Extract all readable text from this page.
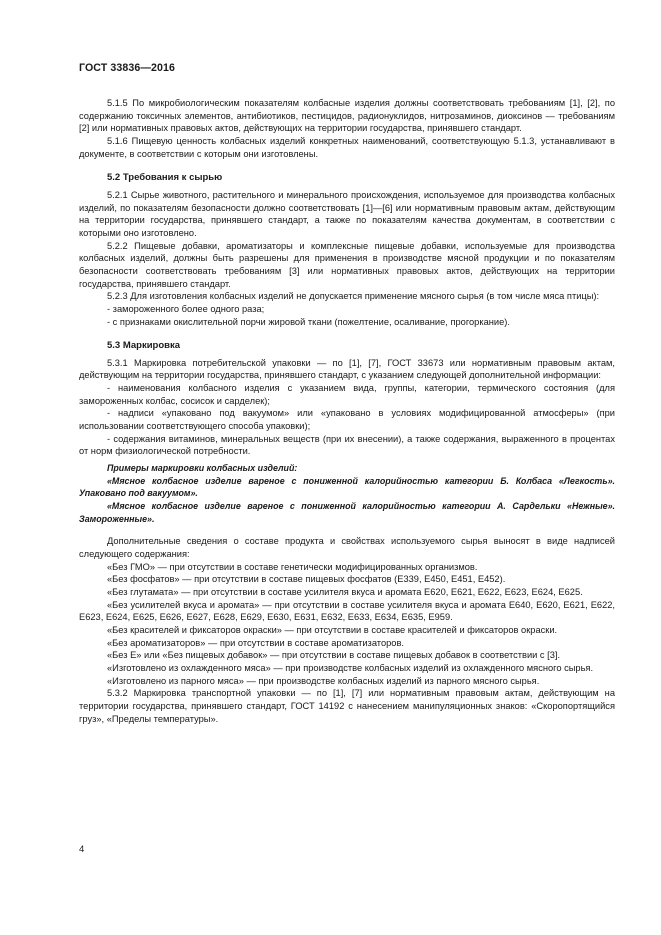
ГОСТ 33836—2016

5.1.5 По микробиологическим показателям колбасные изделия должны соответствовать требованиям [1], [2], по содержанию токсичных элементов, антибиотиков, пестицидов, радионуклидов, нитрозаминов, диоксинов — требованиям [2] или нормативных правовых актов, действующих на территории государства, принявшего стандарт.

5.1.6 Пищевую ценность колбасных изделий конкретных наименований, соответствующую 5.1.3, устанавливают в документе, в соответствии с которым они изготовлены.

5.2 Требования к сырью

5.2.1 Сырье животного, растительного и минерального происхождения, используемое для производства колбасных изделий, по показателям безопасности должно соответствовать [1]—[6] или нормативным правовым актам, действующим на территории государства, принявшего стандарт, а также по показателям качества документам, в соответствии с которыми оно изготовлено.

5.2.2 Пищевые добавки, ароматизаторы и комплексные пищевые добавки, используемые для производства колбасных изделий, должны быть разрешены для применения в производстве мясной продукции и по показателям безопасности соответствовать требованиям [3] или нормативных правовых актов, действующих на территории государства, принявшего стандарт.

5.2.3 Для изготовления колбасных изделий не допускается применение мясного сырья (в том числе мяса птицы):

- замороженного более одного раза;

- с признаками окислительной порчи жировой ткани (пожелтение, осаливание, прогоркание).

5.3 Маркировка

5.3.1 Маркировка потребительской упаковки — по [1], [7], ГОСТ 33673 или нормативным правовым актам, действующим на территории государства, принявшего стандарт, с указанием следующей дополнительной информации:

- наименования колбасного изделия с указанием вида, группы, категории, термического состояния (для замороженных колбас, сосисок и сарделек);

- надписи «упаковано под вакуумом» или «упаковано в условиях модифицированной атмосферы» (при использовании соответствующего способа упаковки);

- содержания витаминов, минеральных веществ (при их внесении), а также содержания, выраженного в процентах от норм физиологической потребности.

Примеры маркировки колбасных изделий:

«Мясное колбасное изделие вареное с пониженной калорийностью категории Б. Колбаса «Легкость». Упаковано под вакуумом».

«Мясное колбасное изделие вареное с пониженной калорийностью категории А. Сардельки «Нежные». Замороженные».

Дополнительные сведения о составе продукта и свойствах используемого сырья выносят в виде надписей следующего содержания:

«Без ГМО» — при отсутствии в составе генетически модифицированных организмов.

«Без фосфатов» — при отсутствии в составе пищевых фосфатов (Е339, Е450, Е451, Е452).

«Без глутамата» — при отсутствии в составе усилителя вкуса и аромата Е620, Е621, Е622, Е623, Е624, Е625.

«Без усилителей вкуса и аромата» — при отсутствии в составе усилителя вкуса и аромата Е640, Е620, Е621, Е622, Е623, Е624, Е625, Е626, Е627, Е628, Е629, Е630, Е631, Е632, Е633, Е634, Е635, Е959.

«Без красителей и фиксаторов окраски» — при отсутствии в составе красителей и фиксаторов окраски.

«Без ароматизаторов» — при отсутствии в составе ароматизаторов.

«Без Е» или «Без пищевых добавок» — при отсутствии в составе пищевых добавок в соответствии с [3].

«Изготовлено из охлажденного мяса» — при производстве колбасных изделий из охлажденного мясного сырья.

«Изготовлено из парного мяса» — при производстве колбасных изделий из парного мясного сырья.

5.3.2 Маркировка транспортной упаковки — по [1], [7] или нормативным правовым актам, действующим на территории государства, принявшего стандарт, ГОСТ 14192 с нанесением манипуляционных знаков: «Скоропортящийся груз», «Пределы температуры».

4
